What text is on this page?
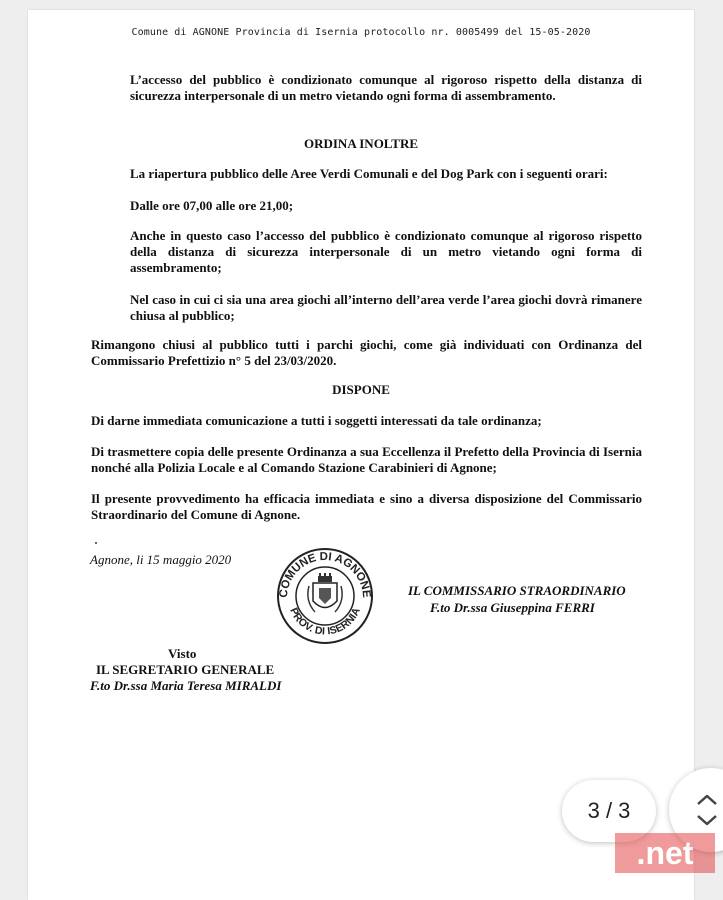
Comune di AGNONE Provincia di Isernia protocollo nr. 0005499 del 15-05-2020

L’accesso del pubblico è condizionato comunque al rigoroso rispetto della distanza di sicurezza interpersonale di un metro vietando ogni forma di assembramento.

ORDINA INOLTRE

La riapertura pubblico delle Aree Verdi Comunali e del Dog Park con i seguenti orari:

Dalle ore 07,00 alle ore 21,00;

Anche in questo caso l’accesso del pubblico è condizionato comunque al rigoroso rispetto della distanza di sicurezza interpersonale di un metro vietando ogni forma di assembramento;

Nel caso in cui ci sia una area giochi all’interno dell’area verde l’area giochi dovrà rimanere chiusa al pubblico;

Rimangono chiusi al pubblico tutti i parchi giochi, come già individuati con Ordinanza del Commissario Prefettizio n° 5 del 23/03/2020.

DISPONE

Di darne immediata comunicazione a tutti i soggetti interessati da tale ordinanza;

Di trasmettere copia delle presente Ordinanza a sua Eccellenza il Prefetto della Provincia di Isernia nonché alla Polizia Locale e al Comando Stazione Carabinieri di Agnone;

Il presente provvedimento ha efficacia immediata e sino a diversa disposizione del Commissario Straordinario del Comune di Agnone.

Agnone, li 15 maggio 2020

COMUNE DI AGNONE
PROV. DI ISERNIA

IL COMMISSARIO STRAORDINARIO

F.to Dr.ssa Giuseppina FERRI

Visto

IL SEGRETARIO GENERALE

F.to Dr.ssa Maria Teresa MIRALDI

3 / 3
.net
